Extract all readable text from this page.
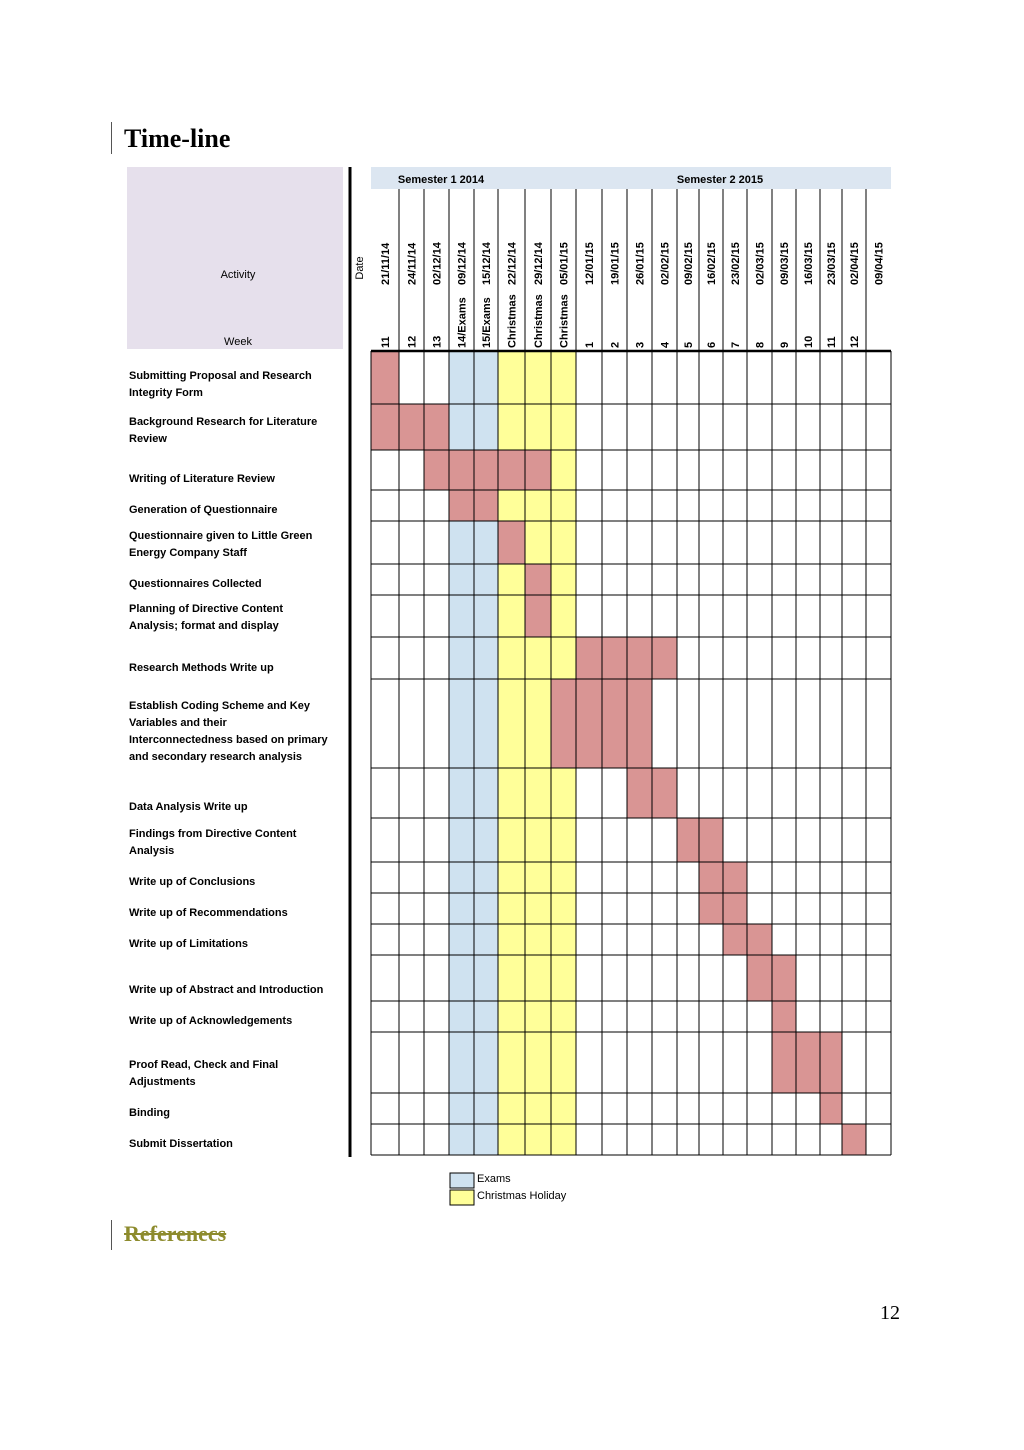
Time-line
Semester 1 2014	Semester 2 2015
Activity
Week
Date 21/11/14
11
24/11/14
12
02/12/14
13
09/12/14
14/Exams
15/12/14
15/Exams
22/12/14
Christmas
29/12/14
Christmas
05/01/15
Christmas
12/01/15
1
19/01/15
2
26/01/15
3
02/02/15
4
09/02/15
5
16/02/15
6
23/02/15
7
02/03/15
8
09/03/15
9
16/03/15
10
23/03/15
11
02/04/15
12
09/04/15
Submitting Proposal and Research
Integrity Form
Background Research for Literature
Review
Writing of Literature Review
Generation of Questionnaire
Questionnaire given to Little Green
Energy Company Staff
Questionnaires Collected
Planning of Directive Content
Analysis; format and display
Research Methods Write up
Establish Coding Scheme and Key
Variables and their
Interconnectedness based on primary
and secondary research analysis
Data Analysis Write up
Findings from Directive Content
Analysis
Write up of Conclusions
Write up of Recommendations
Write up of Limitations
Write up of Abstract and Introduction
Write up of Acknowledgements
Proof Read, Check and Final
Adjustments
Binding
Submit Dissertation
Exams
Christmas Holiday
Referenecs
12
